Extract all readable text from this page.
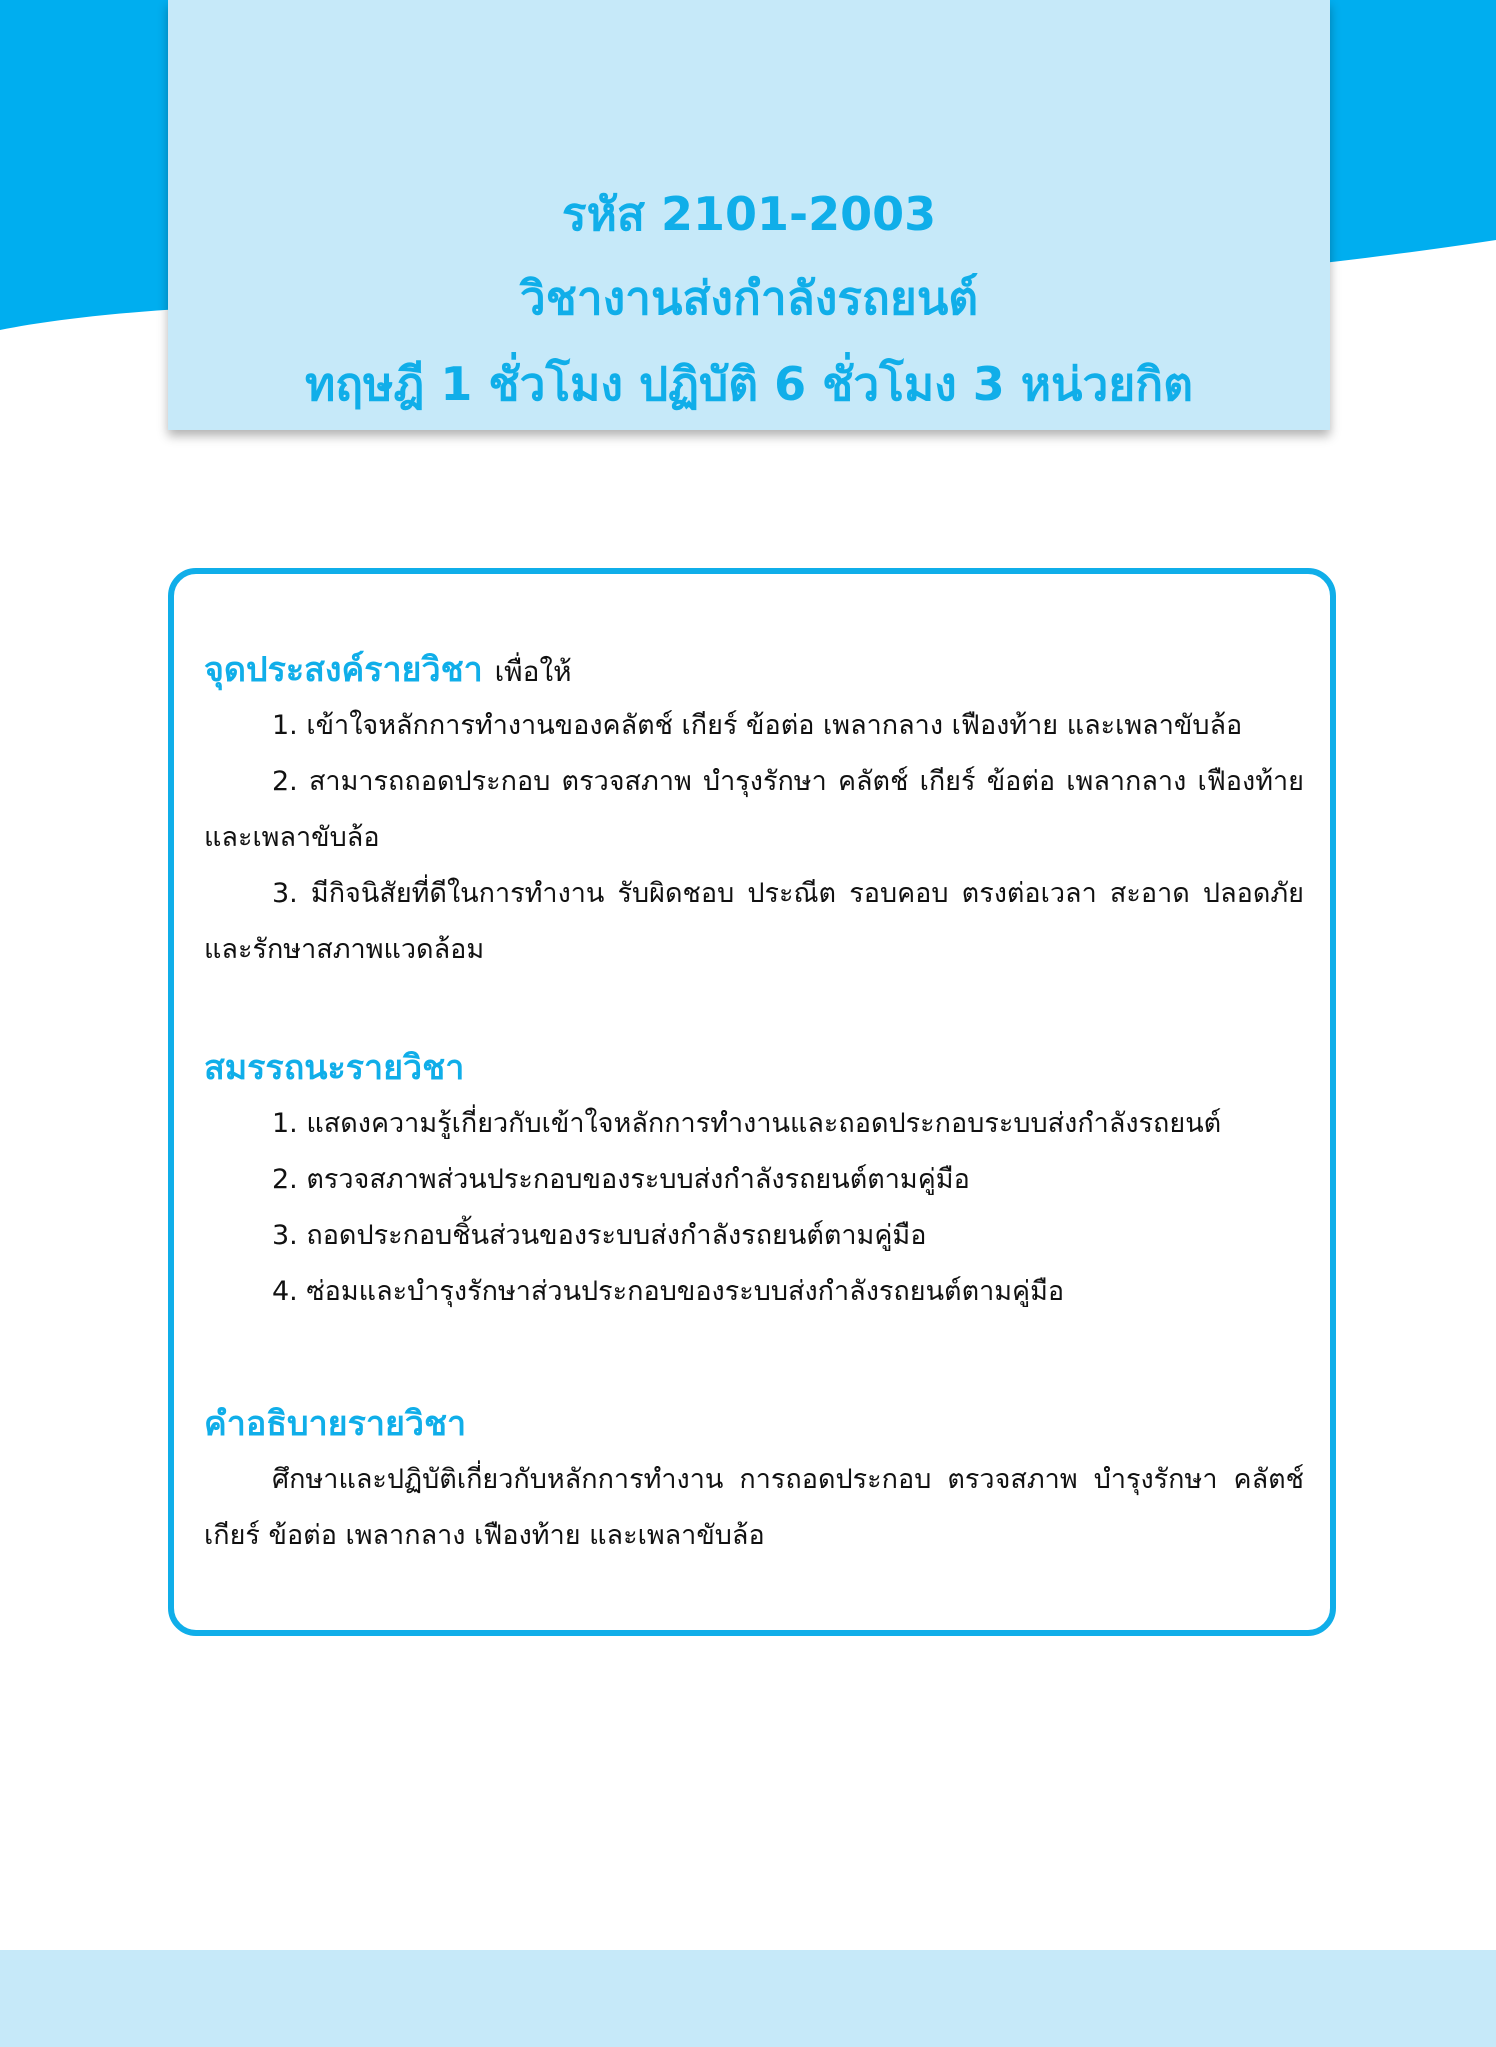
รหัส 2101-2003
วิชางานส่งกำลังรถยนต์
ทฤษฎี 1 ชั่วโมง ปฏิบัติ 6 ชั่วโมง 3 หน่วยกิต
จุดประสงค์รายวิชา เพื่อให้
1. เข้าใจหลักการทำงานของคลัตช์ เกียร์ ข้อต่อ เพลากลาง เฟืองท้าย และเพลาขับล้อ
2. สามารถถอดประกอบ ตรวจสภาพ บำรุงรักษา คลัตช์ เกียร์ ข้อต่อ เพลากลาง เฟืองท้าย
และเพลาขับล้อ
3. มีกิจนิสัยที่ดีในการทำงาน รับผิดชอบ ประณีต รอบคอบ ตรงต่อเวลา สะอาด ปลอดภัย
และรักษาสภาพแวดล้อม
สมรรถนะรายวิชา
1. แสดงความรู้เกี่ยวกับเข้าใจหลักการทำงานและถอดประกอบระบบส่งกำลังรถยนต์
2. ตรวจสภาพส่วนประกอบของระบบส่งกำลังรถยนต์ตามคู่มือ
3. ถอดประกอบชิ้นส่วนของระบบส่งกำลังรถยนต์ตามคู่มือ
4. ซ่อมและบำรุงรักษาส่วนประกอบของระบบส่งกำลังรถยนต์ตามคู่มือ
คำอธิบายรายวิชา
ศึกษาและปฏิบัติเกี่ยวกับหลักการทำงาน การถอดประกอบ ตรวจสภาพ บำรุงรักษา คลัตช์
เกียร์ ข้อต่อ เพลากลาง เฟืองท้าย และเพลาขับล้อ
